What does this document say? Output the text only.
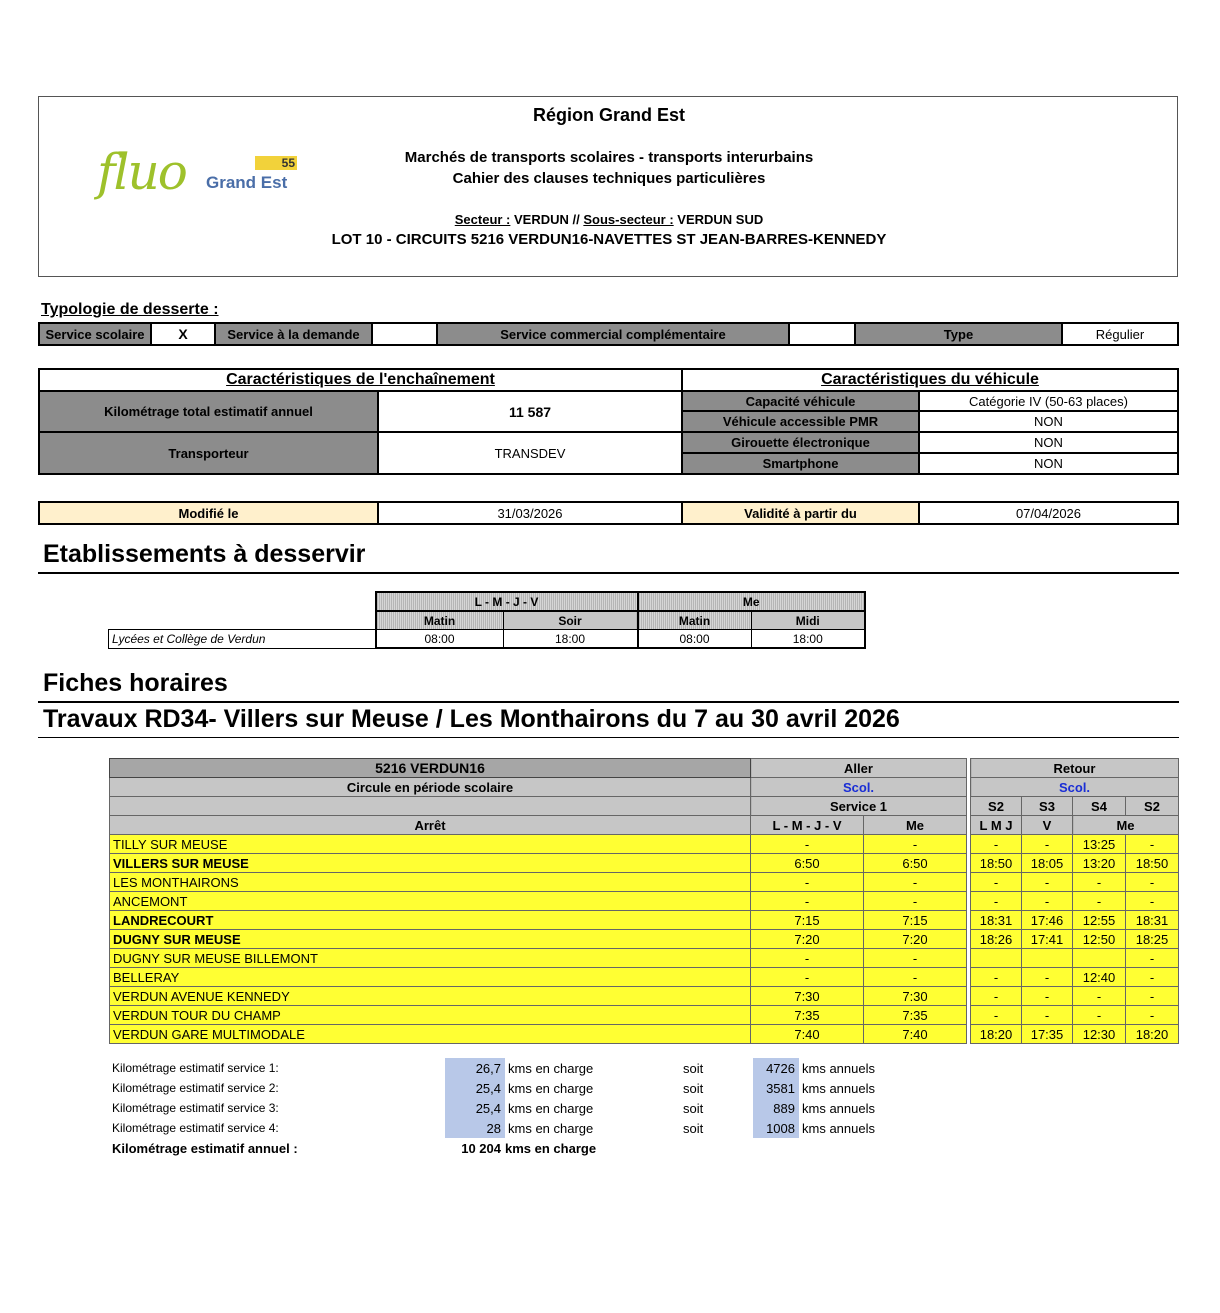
fluo	55
Grand Est
Région Grand Est
Marchés de transports scolaires - transports interurbains
Cahier des clauses techniques particulières
Secteur : VERDUN // Sous-secteur : VERDUN SUD
LOT 10 - CIRCUITS 5216 VERDUN16-NAVETTES ST JEAN-BARRES-KENNEDY
Typologie de desserte :
Service scolaire	X	Service à la demande		Service commercial complémentaire		Type	Régulier
Caractéristiques de l'enchaînement		Caractéristiques du véhicule	
Kilométrage total estimatif annuel	11 587	Capacité véhicule	Catégorie IV (50-63 places)
		Véhicule accessible PMR	NON
Transporteur	TRANSDEV	Girouette électronique	NON
		Smartphone	NON
Modifié le	31/03/2026	Validité à partir du	07/04/2026
Etablissements à desservir
	L - M - J - V		Me	
	Matin	Soir	Matin	Midi
Lycées et Collège de Verdun	08:00	18:00	08:00	18:00
Fiches horaires
Travaux RD34- Villers sur Meuse / Les Monthairons du 7 au 30 avril 2026
5216 VERDUN16	Aller			Retour			
Circule en période scolaire	Scol.			Scol.			
	Service 1			S2	S3	S4	S2
Arrêt	L - M - J - V	Me		L M J	V	Me	
TILLY SUR MEUSE	-	-		-	-	13:25	-
VILLERS SUR MEUSE	6:50	6:50		18:50	18:05	13:20	18:50
LES MONTHAIRONS	-	-		-	-	-	-
ANCEMONT	-	-		-	-	-	-
LANDRECOURT	7:15	7:15		18:31	17:46	12:55	18:31
DUGNY SUR MEUSE	7:20	7:20		18:26	17:41	12:50	18:25
DUGNY SUR MEUSE BILLEMONT	-	-					-
BELLERAY	-	-		-	-	12:40	-
VERDUN AVENUE KENNEDY	7:30	7:30		-	-	-	-
VERDUN TOUR DU CHAMP	7:35	7:35		-	-	-	-
VERDUN GARE MULTIMODALE	7:40	7:40		18:20	17:35	12:30	18:20
Kilométrage estimatif service 1:	26,7	kms en charge	soit	4726	kms annuels
Kilométrage estimatif service 2:	25,4	kms en charge	soit	3581	kms annuels
Kilométrage estimatif service 3:	25,4	kms en charge	soit	889	kms annuels
Kilométrage estimatif service 4:	28	kms en charge	soit	1008	kms annuels
Kilométrage estimatif annuel :	10 204	kms en charge			
